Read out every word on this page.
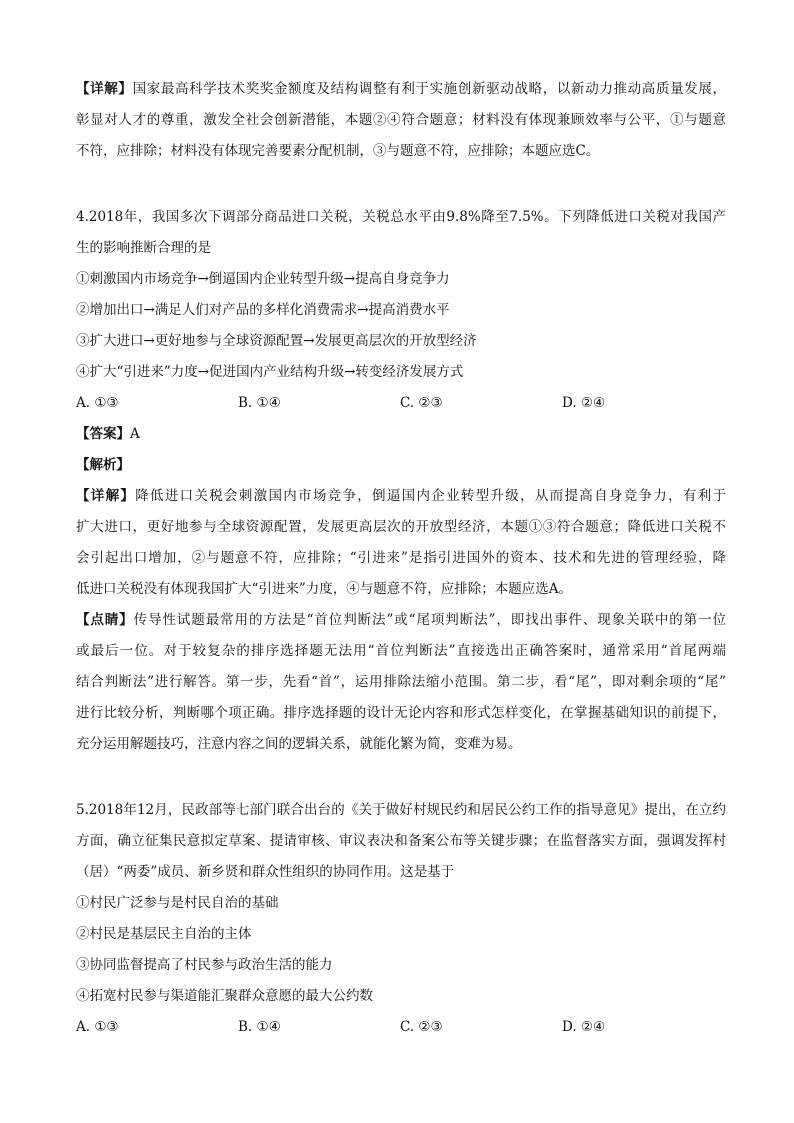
【详解】国家最高科学技术奖奖金额度及结构调整有利于实施创新驱动战略，以新动力推动高质量发展，
彰显对人才的尊重，激发全社会创新潜能，本题②④符合题意；材料没有体现兼顾效率与公平，①与题意
不符，应排除；材料没有体现完善要素分配机制，③与题意不符，应排除；本题应选C。
4.2018年，我国多次下调部分商品进口关税，关税总水平由9.8%降至7.5%。下列降低进口关税对我国产
生的影响推断合理的是
①刺激国内市场竞争→倒逼国内企业转型升级→提高自身竞争力
②增加出口→满足人们对产品的多样化消费需求→提高消费水平
③扩大进口→更好地参与全球资源配置→发展更高层次的开放型经济
④扩大“引进来”力度→促进国内产业结构升级→转变经济发展方式
A. ①③	B. ①④	C. ②③	D. ②④
【答案】A
【解析】
【详解】降低进口关税会刺激国内市场竞争，倒逼国内企业转型升级，从而提高自身竞争力，有利于
扩大进口，更好地参与全球资源配置，发展更高层次的开放型经济，本题①③符合题意；降低进口关税不
会引起出口增加，②与题意不符，应排除；“引进来”是指引进国外的资本、技术和先进的管理经验，降
低进口关税没有体现我国扩大“引进来”力度，④与题意不符，应排除；本题应选A。
【点睛】传导性试题最常用的方法是“首位判断法”或“尾项判断法”，即找出事件、现象关联中的第一位
或最后一位。对于较复杂的排序选择题无法用“首位判断法”直接选出正确答案时，通常采用“首尾两端
结合判断法”进行解答。第一步，先看“首”，运用排除法缩小范围。第二步，看“尾”，即对剩余项的“尾”
进行比较分析，判断哪个项正确。排序选择题的设计无论内容和形式怎样变化，在掌握基础知识的前提下，
充分运用解题技巧，注意内容之间的逻辑关系，就能化繁为简，变难为易。
5.2018年12月，民政部等七部门联合出台的《关于做好村规民约和居民公约工作的指导意见》提出，在立约
方面，确立征集民意拟定草案、提请审核、审议表决和备案公布等关键步骤；在监督落实方面，强调发挥村
（居）“两委”成员、新乡贤和群众性组织的协同作用。这是基于
①村民广泛参与是村民自治的基础
②村民是基层民主自治的主体
③协同监督提高了村民参与政治生活的能力
④拓宽村民参与渠道能汇聚群众意愿的最大公约数
A. ①③	B. ①④	C. ②③	D. ②④
